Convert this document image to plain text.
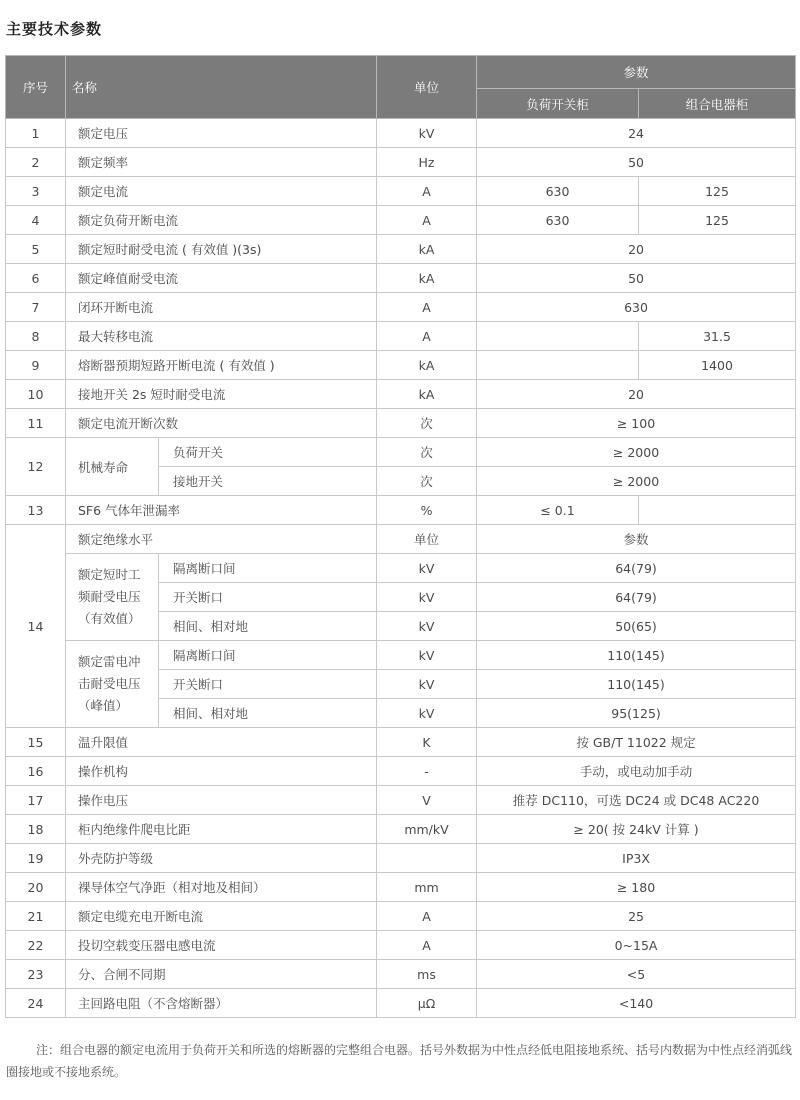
主要技术参数
序号	名称		单位	参数	
				负荷开关柜	组合电器柜
1	额定电压		kV	24	
2	额定频率		Hz	50	
3	额定电流		A	630	125
4	额定负荷开断电流		A	630	125
5	额定短时耐受电流 ( 有效值 )(3s)		kA	20	
6	额定峰值耐受电流		kA	50	
7	闭环开断电流		A	630	
8	最大转移电流		A		31.5
9	熔断器预期短路开断电流 ( 有效值 )		kA		1400
10	接地开关 2s 短时耐受电流		kA	20	
11	额定电流开断次数		次	≥ 100	
12	机械寿命	负荷开关	次	≥ 2000	
		接地开关	次	≥ 2000	
13	SF6 气体年泄漏率		%	≤ 0.1	
14	额定绝缘水平		单位	参数	
	额定短时工频耐受电压（有效值）	隔离断口间	kV	64(79)	
		开关断口	kV	64(79)	
		相间、相对地	kV	50(65)	
	额定雷电冲击耐受电压（峰值）	隔离断口间	kV	110(145)	
		开关断口	kV	110(145)	
		相间、相对地	kV	95(125)	
15	温升限值		K	按 GB/T 11022 规定	
16	操作机构		-	手动，或电动加手动	
17	操作电压		V	推荐 DC110，可选 DC24 或 DC48 AC220	
18	柜内绝缘件爬电比距		mm/kV	≥ 20( 按 24kV 计算 )	
19	外壳防护等级			IP3X	
20	裸导体空气净距（相对地及相间）		mm	≥ 180	
21	额定电缆充电开断电流		A	25	
22	投切空载变压器电感电流		A	0~15A	
23	分、合闸不同期		ms	<5	
24	主回路电阻（不含熔断器）		μΩ	<140	
注：组合电器的额定电流用于负荷开关和所选的熔断器的完整组合电器。括号外数据为中性点经低电阻接地系统、括号内数据为中性点经消弧线圈接地或不接地系统。
